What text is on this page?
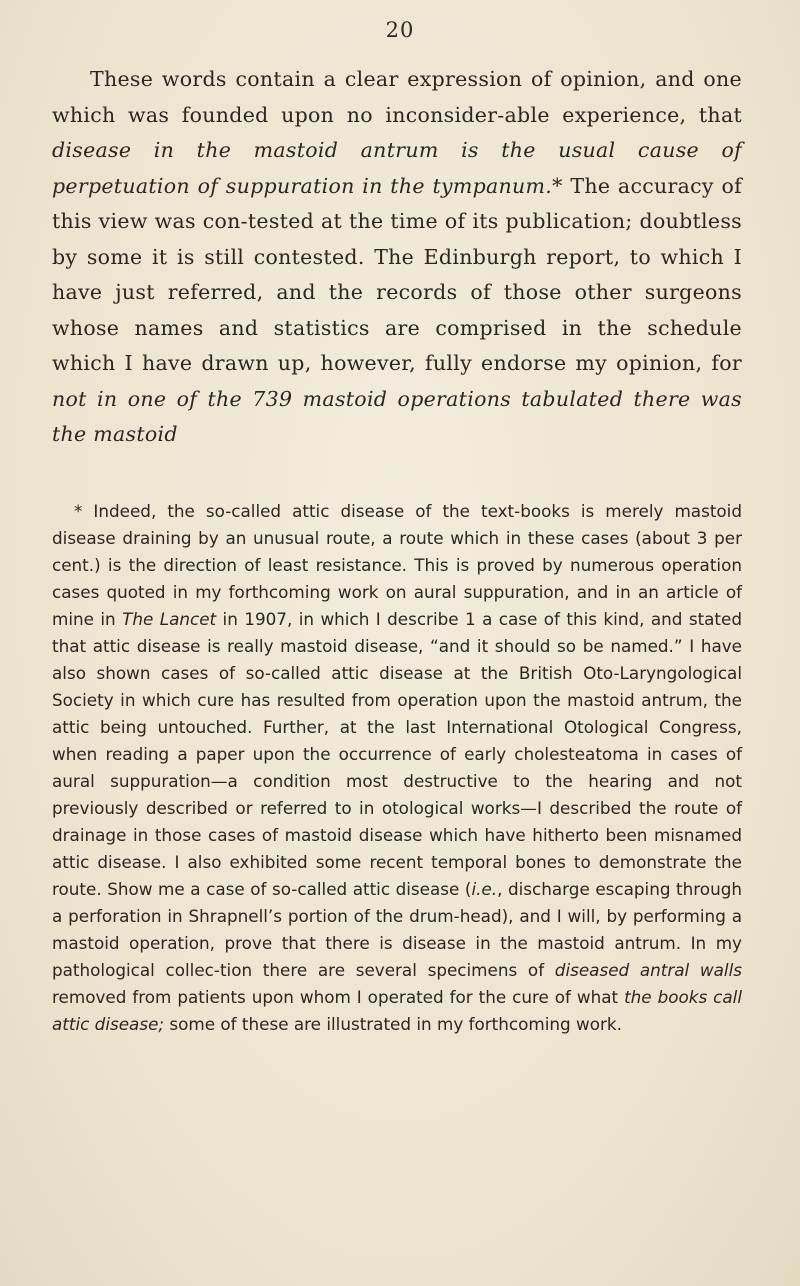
20

These words contain a clear expression of opinion, and one which was founded upon no inconsider-able experience, that disease in the mastoid antrum is the usual cause of perpetuation of suppuration in the tympanum.* The accuracy of this view was con-tested at the time of its publication; doubtless by some it is still contested. The Edinburgh report, to which I have just referred, and the records of those other surgeons whose names and statistics are comprised in the schedule which I have drawn up, however, fully endorse my opinion, for not in one of the 739 mastoid operations tabulated there was the mastoid

* Indeed, the so-called attic disease of the text-books is merely mastoid disease draining by an unusual route, a route which in these cases (about 3 per cent.) is the direction of least resistance. This is proved by numerous operation cases quoted in my forthcoming work on aural suppuration, and in an article of mine in The Lancet in 1907, in which I describe 1 a case of this kind, and stated that attic disease is really mastoid disease, “and it should so be named.” I have also shown cases of so-called attic disease at the British Oto-Laryngological Society in which cure has resulted from operation upon the mastoid antrum, the attic being untouched. Further, at the last International Otological Congress, when reading a paper upon the occurrence of early cholesteatoma in cases of aural suppuration—a condition most destructive to the hearing and not previously described or referred to in otological works—I described the route of drainage in those cases of mastoid disease which have hitherto been misnamed attic disease. I also exhibited some recent temporal bones to demonstrate the route. Show me a case of so-called attic disease (i.e., discharge escaping through a perforation in Shrapnell’s portion of the drum-head), and I will, by performing a mastoid operation, prove that there is disease in the mastoid antrum. In my pathological collec-tion there are several specimens of diseased antral walls removed from patients upon whom I operated for the cure of what the books call attic disease; some of these are illustrated in my forthcoming work.
